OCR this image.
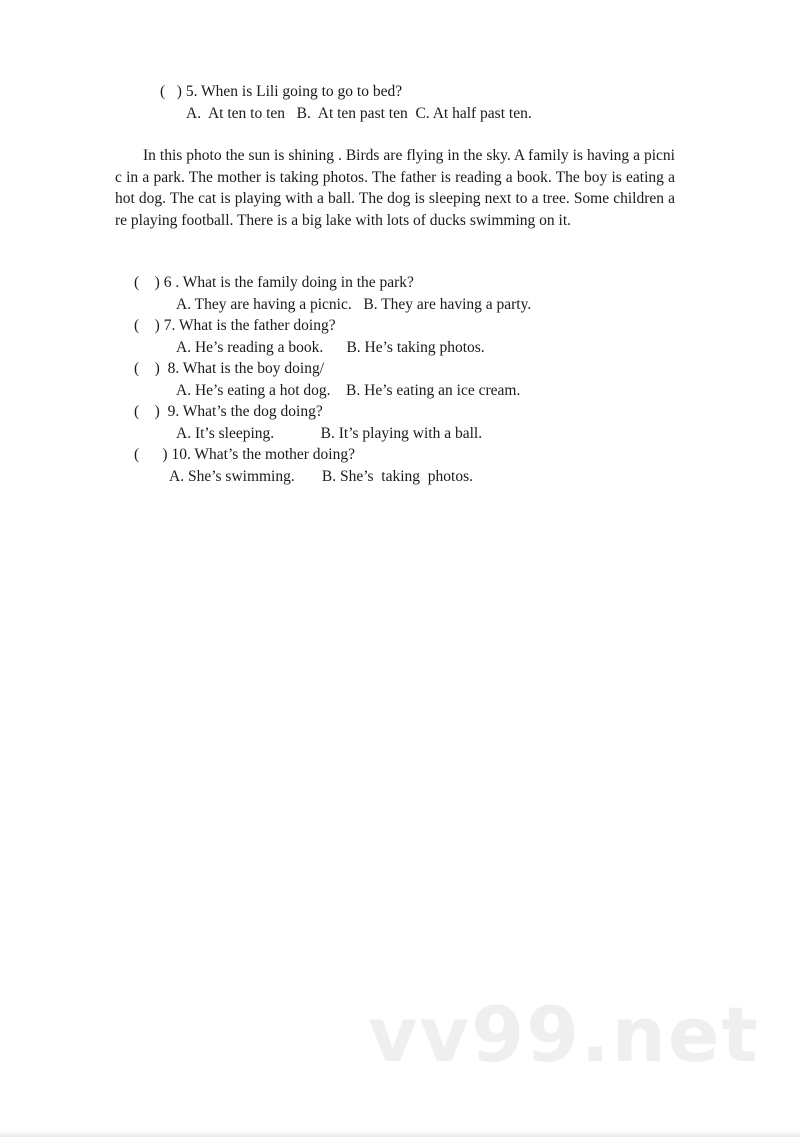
(   ) 5. When is Lili going to go to bed?
A.  At ten to ten   B.  At ten past ten  C. At half past ten.
In this photo the sun is shining . Birds are flying in the sky. A family is having a picnic in a park. The mother is taking photos. The father is reading a book. The boy is eating a hot dog. The cat is playing with a ball. The dog is sleeping next to a tree. Some children are playing football. There is a big lake with lots of ducks swimming on it.
(    ) 6 . What is the family doing in the park?
A. They are having a picnic.   B. They are having a party.
(    ) 7. What is the father doing?
A. He’s reading a book.      B. He’s taking photos.
(    )  8. What is the boy doing/
A. He’s eating a hot dog.    B. He’s eating an ice cream.
(    )  9. What’s the dog doing?
A. It’s sleeping.            B. It’s playing with a ball.
(      ) 10. What’s the mother doing?
A. She’s swimming.       B. She’s  taking  photos.
vv99.net
